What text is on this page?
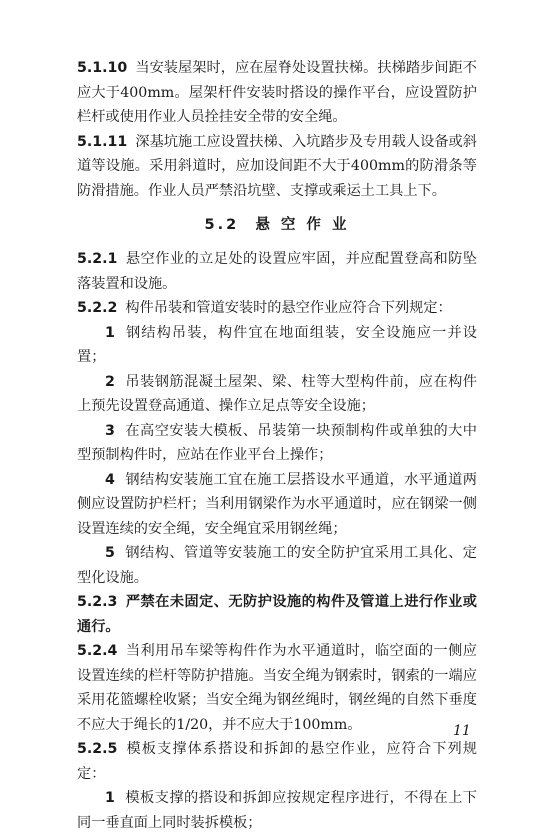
5.1.10 当安装屋架时，应在屋脊处设置扶梯。扶梯踏步间距不应大于400mm。屋架杆件安装时搭设的操作平台，应设置防护栏杆或使用作业人员拴挂安全带的安全绳。

5.1.11 深基坑施工应设置扶梯、入坑踏步及专用载人设备或斜道等设施。采用斜道时，应加设间距不大于400mm的防滑条等防滑措施。作业人员严禁沿坑壁、支撑或乘运土工具上下。

5.2 悬 空 作 业

5.2.1 悬空作业的立足处的设置应牢固，并应配置登高和防坠落装置和设施。

5.2.2 构件吊装和管道安装时的悬空作业应符合下列规定：

1 钢结构吊装，构件宜在地面组装，安全设施应一并设置；

2 吊装钢筋混凝土屋架、梁、柱等大型构件前，应在构件上预先设置登高通道、操作立足点等安全设施；

3 在高空安装大模板、吊装第一块预制构件或单独的大中型预制构件时，应站在作业平台上操作；

4 钢结构安装施工宜在施工层搭设水平通道，水平通道两侧应设置防护栏杆；当利用钢梁作为水平通道时，应在钢梁一侧设置连续的安全绳，安全绳宜采用钢丝绳；

5 钢结构、管道等安装施工的安全防护宜采用工具化、定型化设施。

5.2.3 严禁在未固定、无防护设施的构件及管道上进行作业或通行。

5.2.4 当利用吊车梁等构件作为水平通道时，临空面的一侧应设置连续的栏杆等防护措施。当安全绳为钢索时，钢索的一端应采用花篮螺栓收紧；当安全绳为钢丝绳时，钢丝绳的自然下垂度不应大于绳长的1/20，并不应大于100mm。

5.2.5 模板支撑体系搭设和拆卸的悬空作业，应符合下列规定：

1 模板支撑的搭设和拆卸应按规定程序进行，不得在上下同一垂直面上同时装拆模板；

11
